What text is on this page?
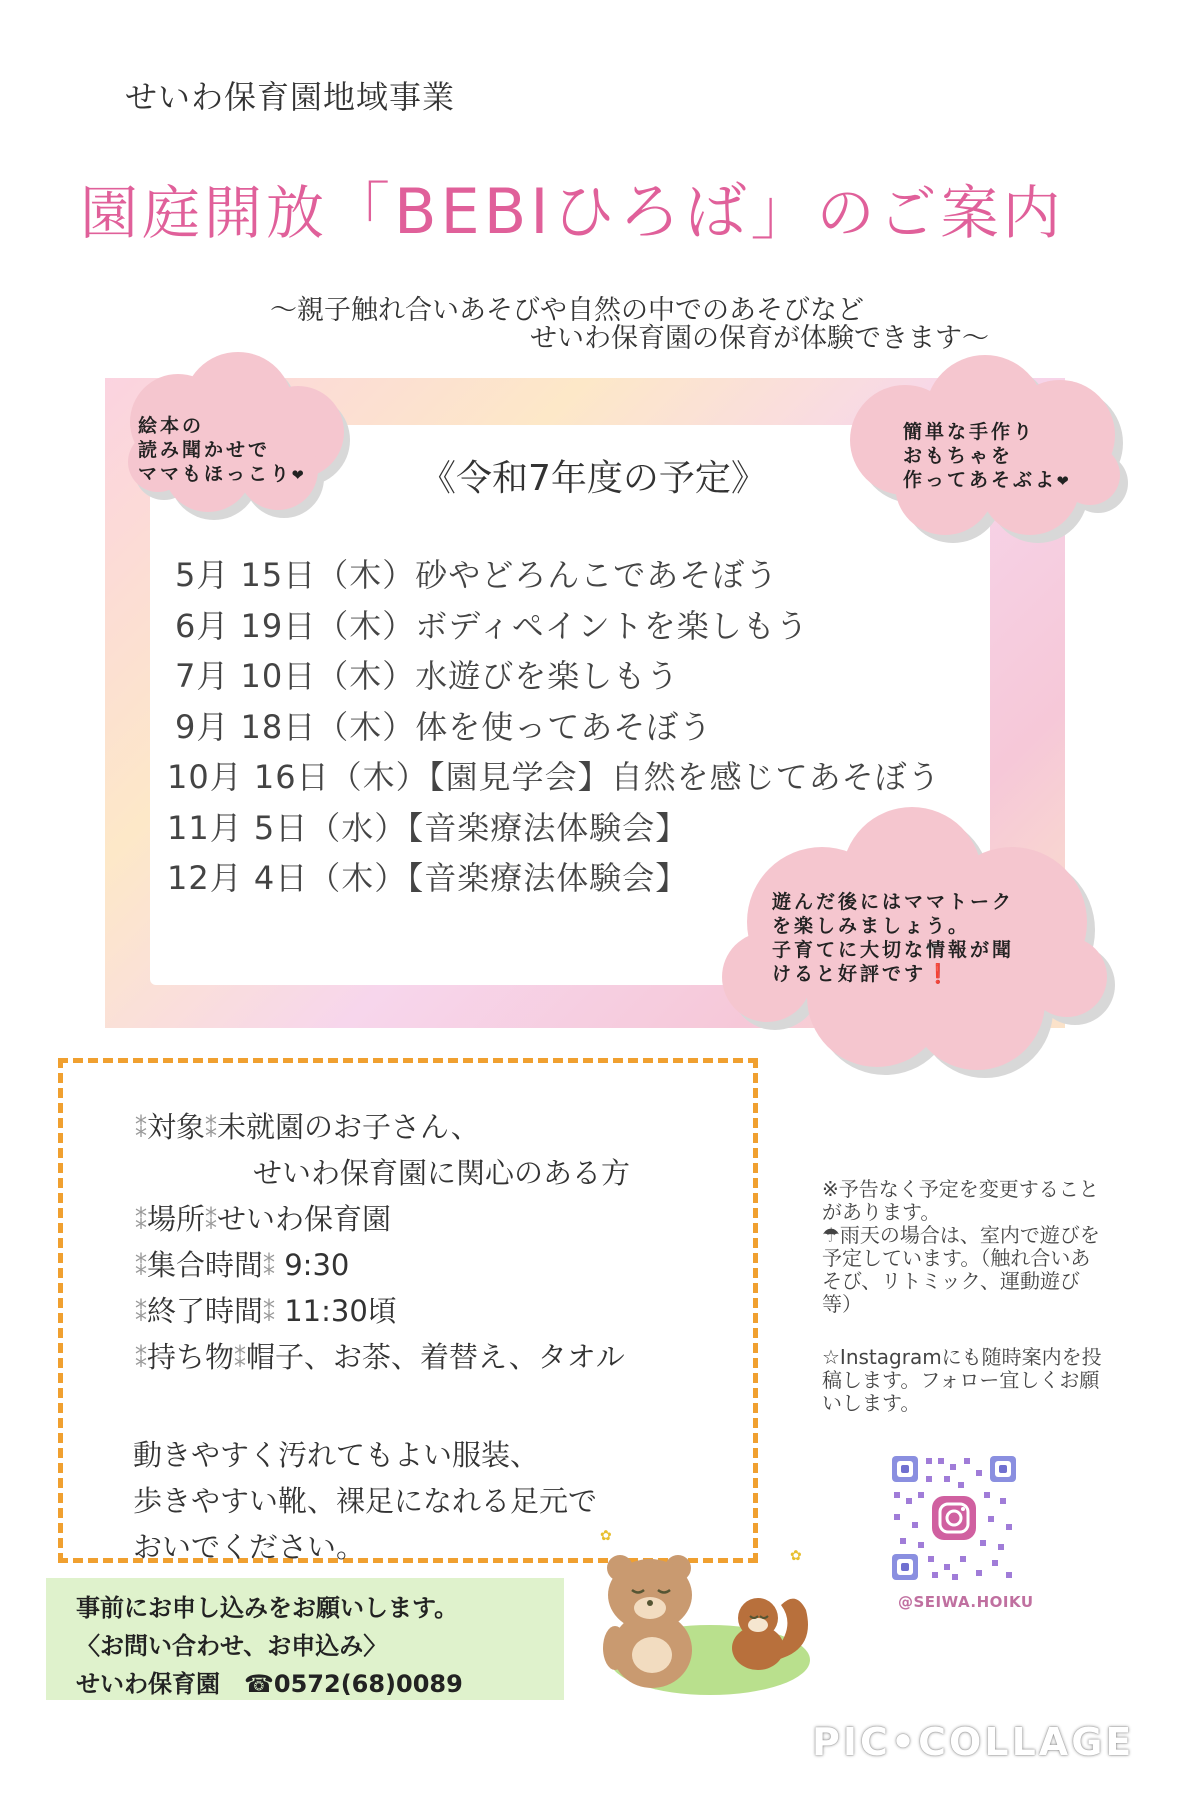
せいわ保育園地域事業
園庭開放「BEBIひろば」のご案内
〜親子触れ合いあそびや自然の中でのあそびなど
せいわ保育園の保育が体験できます〜
《令和7年度の予定》
5月 15日（木）砂やどろんこであそぼう
6月 19日（木）ボディペイントを楽しもう
7月 10日（木）水遊びを楽しもう
9月 18日（木）体を使ってあそぼう
10月 16日（木）【園見学会】自然を感じてあそぼう
11月 5日（水）【音楽療法体験会】
12月 4日（木）【音楽療法体験会】
絵本の
読み聞かせで
ママもほっこり❤
簡単な手作り
おもちゃを
作ってあそぶよ❤
遊んだ後にはママトーク
を楽しみましょう。
子育てに大切な情報が聞
けると好評です❗
⁑対象⁑未就園のお子さん、
せいわ保育園に関心のある方
⁑場所⁑せいわ保育園
⁑集合時間⁑ 9:30
⁑終了時間⁑ 11:30頃
⁑持ち物⁑帽子、お茶、着替え、タオル
動きやすく汚れてもよい服装、
歩きやすい靴、裸足になれる足元で
おいでください。

※予告なく予定を変更することがあります。

☂雨天の場合は、室内で遊びを予定しています。（触れ合いあそび、リトミック、運動遊び等）

☆Instagramにも随時案内を投稿します。フォロー宜しくお願いします。

@SEIWA.HOIKU
事前にお申し込みをお願いします。
〈お問い合わせ、お申込み〉
せいわ保育園　☎0572(68)0089
✿
✿
PIC•COLLAGE
